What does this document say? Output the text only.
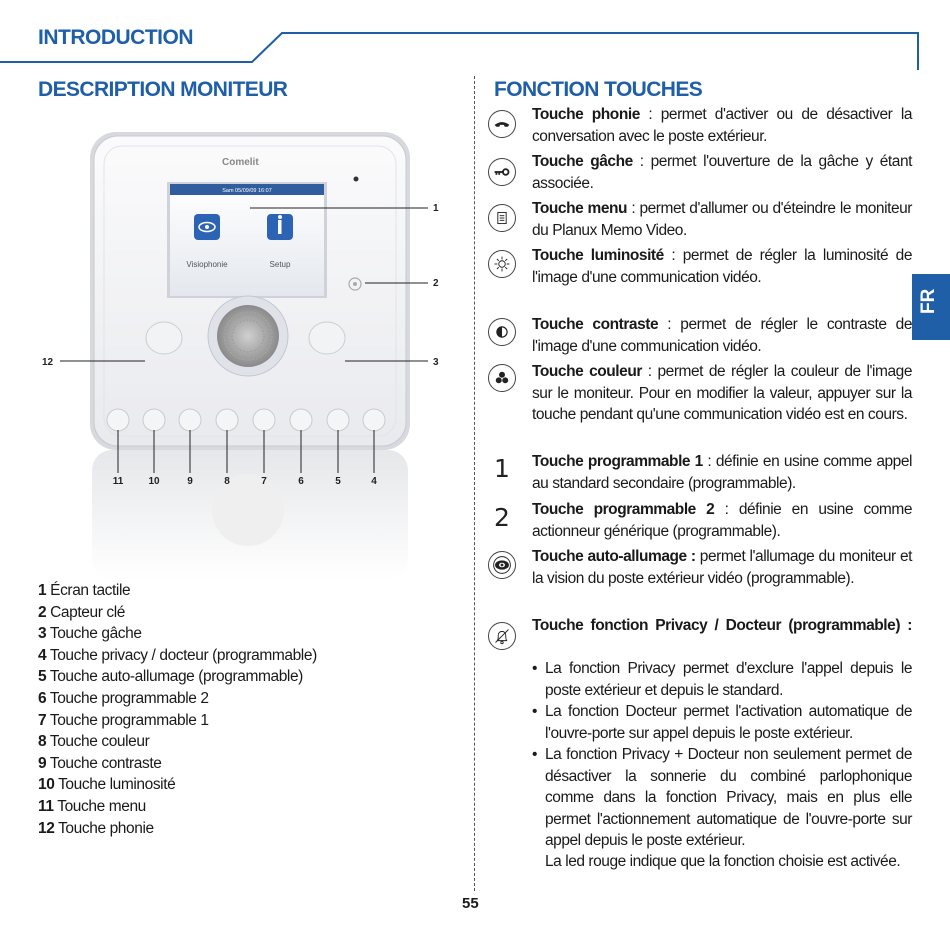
INTRODUCTION
DESCRIPTION MONITEUR
Comelit
Sam 05/09/09 16:07
Visiophonie	Setup
1
2
3
12
11	10	9	8	7	6	5	4
1 Écran tactile
2 Capteur clé
3 Touche gâche
4 Touche privacy / docteur (programmable)
5 Touche auto-allumage (programmable)
6 Touche programmable 2
7 Touche programmable 1
8 Touche couleur
9 Touche contraste
10 Touche luminosité
11 Touche menu
12 Touche phonie
FONCTION TOUCHES
1
2
Touche phonie : permet d'activer ou de désactiver la conversation avec le poste extérieur.
Touche gâche : permet l'ouverture de la gâche y étant associée.
Touche menu : permet d'allumer ou d'éteindre le moniteur du Planux Memo Video.
Touche luminosité : permet de régler la luminosité de l'image d'une communication vidéo.
Touche contraste : permet de régler le contraste de l'image d'une communication vidéo.
Touche couleur : permet de régler la couleur de l'image sur le moniteur. Pour en modifier la valeur, appuyer sur la touche pendant qu'une communication vidéo est en cours.
Touche programmable 1 : définie en usine comme appel au standard secondaire (programmable).
Touche programmable 2 : définie en usine comme actionneur générique (programmable).
Touche auto-allumage : permet l'allumage du moniteur et la vision du poste extérieur vidéo (programmable).
Touche fonction Privacy / Docteur (programmable) :
• La fonction Privacy permet d'exclure l'appel depuis le poste extérieur et depuis le standard.
• La fonction Docteur permet l'activation automatique de l'ouvre-porte sur appel depuis le poste extérieur.
• La fonction Privacy + Docteur non seulement permet de désactiver la sonnerie du combiné parlophonique comme dans la fonction Privacy, mais en plus elle permet l'actionnement automatique de l'ouvre-porte sur appel depuis le poste extérieur.
La led rouge indique que la fonction choisie est activée.
FR
55
